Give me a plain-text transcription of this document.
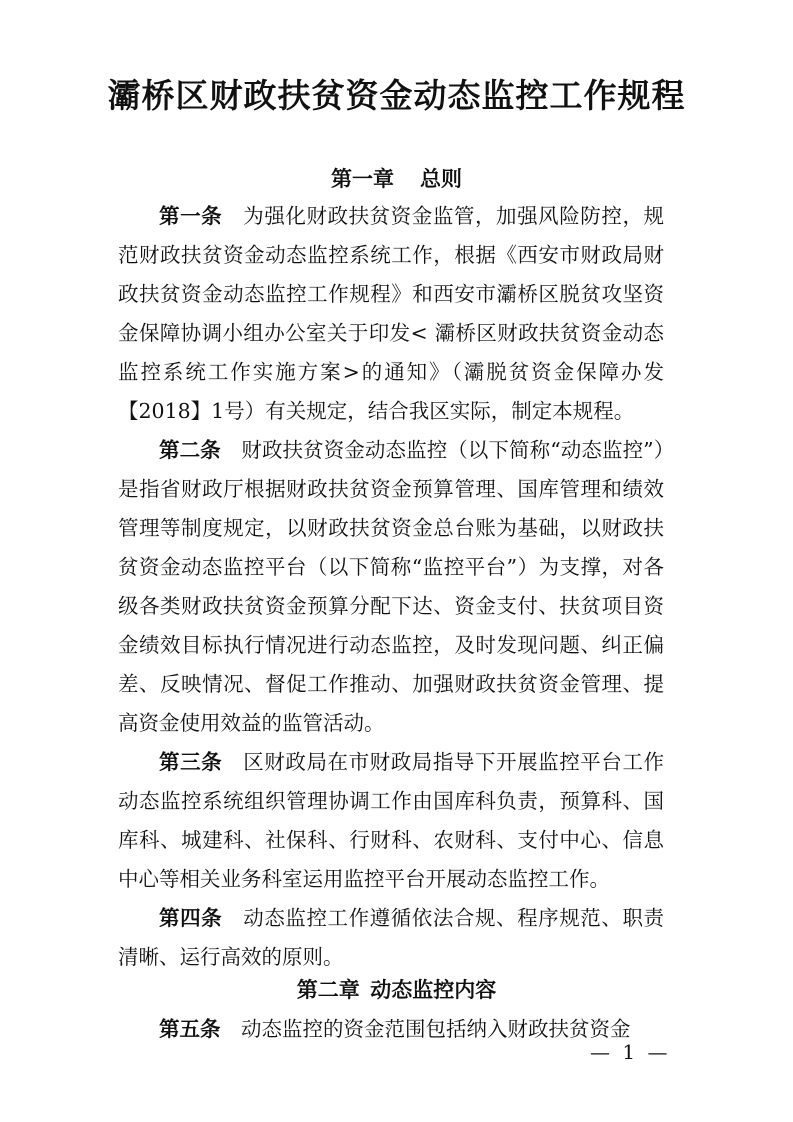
灞桥区财政扶贫资金动态监控工作规程
第一章 总则
第一条  为强化财政扶贫资金监管，加强风险防控，规范财政扶贫资金动态监控系统工作，根据《西安市财政局财政扶贫资金动态监控工作规程》和西安市灞桥区脱贫攻坚资金保障协调小组办公室关于印发< 灞桥区财政扶贫资金动态监控系统工作实施方案>的通知》（灞脱贫资金保障办发【2018】1号）有关规定，结合我区实际，制定本规程。
第二条  财政扶贫资金动态监控（以下简称“动态监控”）是指省财政厅根据财政扶贫资金预算管理、国库管理和绩效管理等制度规定，以财政扶贫资金总台账为基础，以财政扶贫资金动态监控平台（以下简称“监控平台”）为支撑，对各级各类财政扶贫资金预算分配下达、资金支付、扶贫项目资金绩效目标执行情况进行动态监控，及时发现问题、纠正偏差、反映情况、督促工作推动、加强财政扶贫资金管理、提高资金使用效益的监管活动。
第三条  区财政局在市财政局指导下开展监控平台工作动态监控系统组织管理协调工作由国库科负责，预算科、国库科、城建科、社保科、行财科、农财科、支付中心、信息中心等相关业务科室运用监控平台开展动态监控工作。
第四条  动态监控工作遵循依法合规、程序规范、职责清晰、运行高效的原则。
第二章  动态监控内容
第五条  动态监控的资金范围包括纳入财政扶贫资金
— 1 —
